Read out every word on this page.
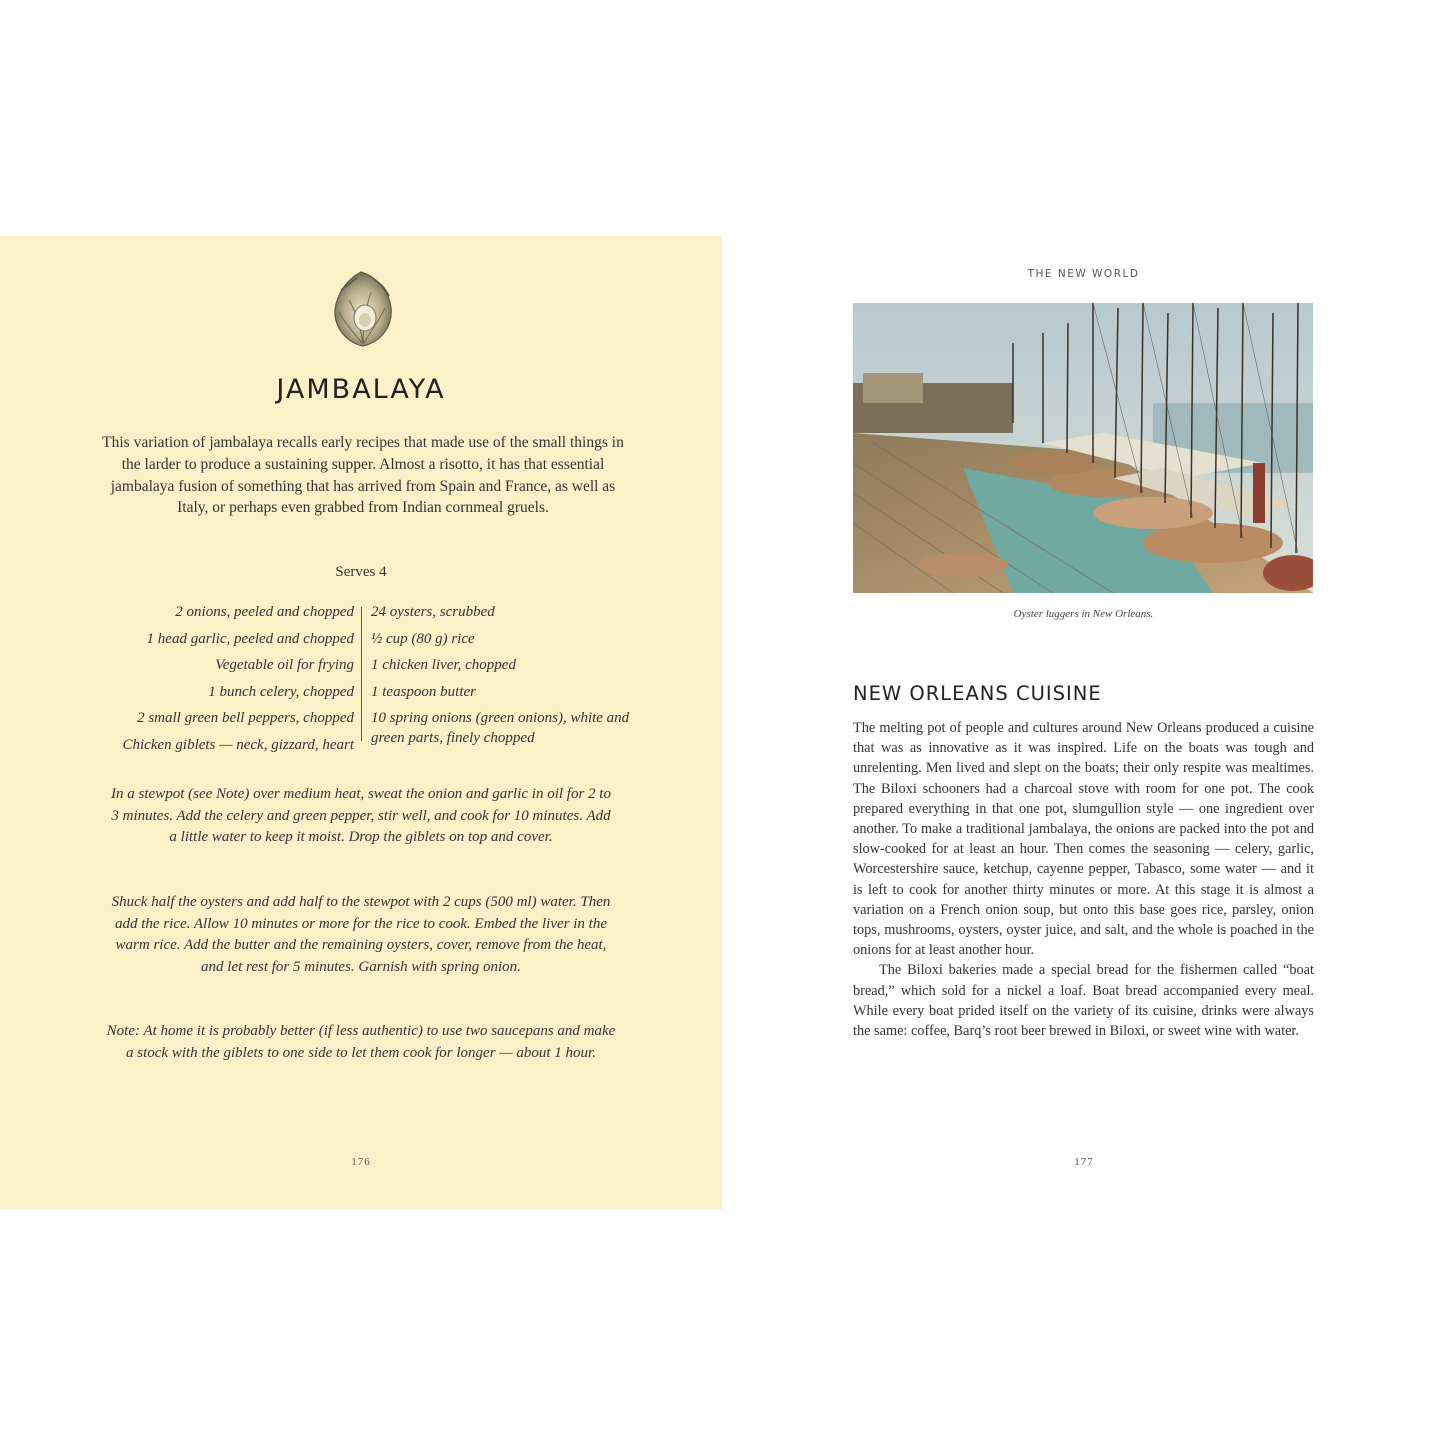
JAMBALAYA

This variation of jambalaya recalls early recipes that made use of the small things in the larder to produce a sustaining supper. Almost a risotto, it has that essential jambalaya fusion of something that has arrived from Spain and France, as well as Italy, or perhaps even grabbed from Indian cornmeal gruels.

Serves 4
2 onions, peeled and chopped
1 head garlic, peeled and chopped
Vegetable oil for frying
1 bunch celery, chopped
2 small green bell peppers, chopped
Chicken giblets — neck, gizzard, heart
24 oysters, scrubbed
½ cup (80 g) rice
1 chicken liver, chopped
1 teaspoon butter
10 spring onions (green onions), white and green parts, finely chopped

In a stewpot (see Note) over medium heat, sweat the onion and garlic in oil for 2 to 3 minutes. Add the celery and green pepper, stir well, and cook for 10 minutes. Add a little water to keep it moist. Drop the giblets on top and cover.

Shuck half the oysters and add half to the stewpot with 2 cups (500 ml) water. Then add the rice. Allow 10 minutes or more for the rice to cook. Embed the liver in the warm rice. Add the butter and the remaining oysters, cover, remove from the heat, and let rest for 5 minutes. Garnish with spring onion.

Note: At home it is probably better (if less authentic) to use two saucepans and make a stock with the giblets to one side to let them cook for longer — about 1 hour.

176
THE NEW WORLD
Oyster luggers in New Orleans.
NEW ORLEANS CUISINE

The melting pot of people and cultures around New Orleans produced a cuisine that was as innovative as it was inspired. Life on the boats was tough and unrelenting. Men lived and slept on the boats; their only respite was mealtimes. The Biloxi schooners had a charcoal stove with room for one pot. The cook prepared everything in that one pot, slumgullion style — one ingredient over another. To make a traditional jambalaya, the onions are packed into the pot and slow-cooked for at least an hour. Then comes the seasoning — celery, garlic, Worcestershire sauce, ketchup, cayenne pepper, Tabasco, some water — and it is left to cook for another thirty minutes or more. At this stage it is almost a variation on a French onion soup, but onto this base goes rice, parsley, onion tops, mushrooms, oysters, oyster juice, and salt, and the whole is poached in the onions for at least another hour.

The Biloxi bakeries made a special bread for the fishermen called “boat bread,” which sold for a nickel a loaf. Boat bread accompanied every meal. While every boat prided itself on the variety of its cuisine, drinks were always the same: coffee, Barq’s root beer brewed in Biloxi, or sweet wine with water.

177
